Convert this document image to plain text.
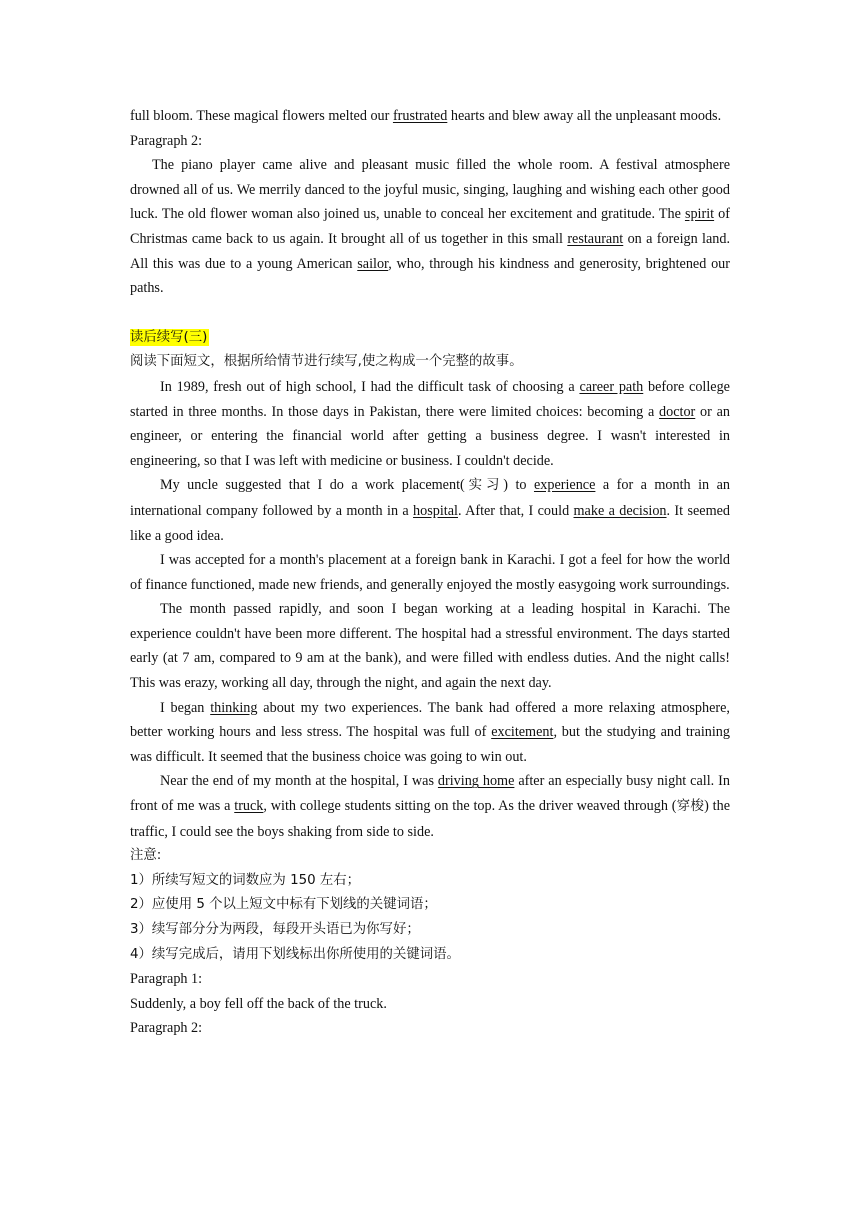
full bloom. These magical flowers melted our frustrated hearts and blew away all the unpleasant moods.

Paragraph 2:

The piano player came alive and pleasant music filled the whole room. A festival atmosphere drowned all of us. We merrily danced to the joyful music, singing, laughing and wishing each other good luck. The old flower woman also joined us, unable to conceal her excitement and gratitude. The spirit of Christmas came back to us again. It brought all of us together in this small restaurant on a foreign land. All this was due to a young American sailor, who, through his kindness and generosity, brightened our paths.

读后续写(三)

阅读下面短文，根据所给情节进行续写,使之构成一个完整的故事。

In 1989, fresh out of high school, I had the difficult task of choosing a career path before college started in three months. In those days in Pakistan, there were limited choices: becoming a doctor or an engineer, or entering the financial world after getting a business degree. I wasn't interested in engineering, so that I was left with medicine or business. I couldn't decide.

My uncle suggested that I do a work placement(实习) to experience a for a month in an international company followed by a month in a hospital. After that, I could make a decision. It seemed like a good idea.

I was accepted for a month's placement at a foreign bank in Karachi. I got a feel for how the world of finance functioned, made new friends, and generally enjoyed the mostly easygoing work surroundings.

The month passed rapidly, and soon I began working at a leading hospital in Karachi. The experience couldn't have been more different. The hospital had a stressful environment. The days started early (at 7 am, compared to 9 am at the bank), and were filled with endless duties. And the night calls! This was erazy, working all day, through the night, and again the next day.

I began thinking about my two experiences. The bank had offered a more relaxing atmosphere, better working hours and less stress. The hospital was full of excitement, but the studying and training was difficult. It seemed that the business choice was going to win out.

Near the end of my month at the hospital, I was driving home after an especially busy night call. In front of me was a truck, with college students sitting on the top. As the driver weaved through (穿梭) the traffic, I could see the boys shaking from side to side.

注意:

1）所续写短文的词数应为 150 左右；

2）应使用 5 个以上短文中标有下划线的关键词语；

3）续写部分分为两段，每段开头语已为你写好；

4）续写完成后，请用下划线标出你所使用的关键词语。

Paragraph 1:

Suddenly, a boy fell off the back of the truck.

Paragraph 2:
